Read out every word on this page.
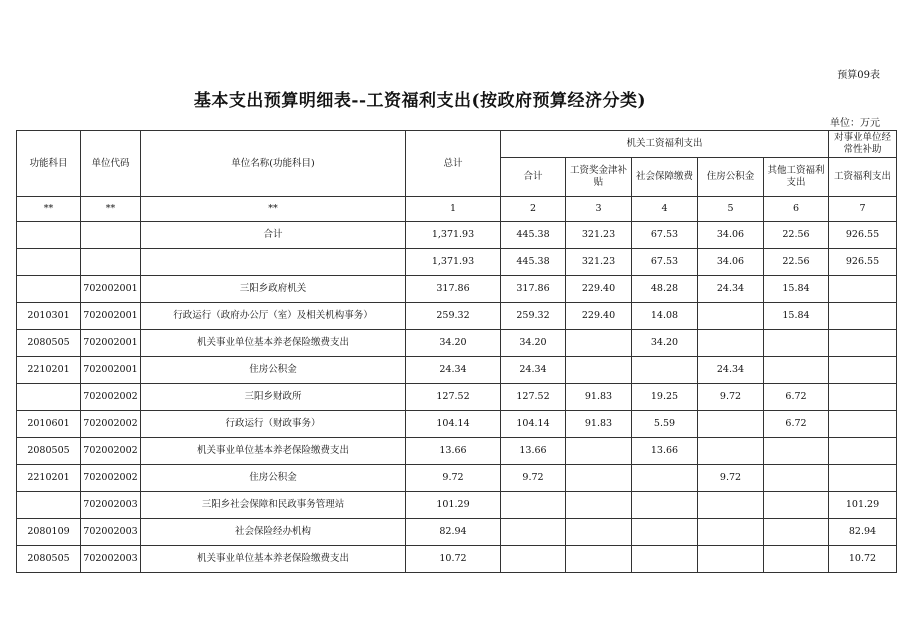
预算09表
基本支出预算明细表--工资福利支出(按政府预算经济分类)
单位：万元
功能科目	单位代码	单位名称(功能科目)	总计	机关工资福利支出					对事业单位经常性补助
				合计	工资奖金津补贴	社会保障缴费	住房公积金	其他工资福利支出	工资福利支出
**	**	**	1	2	3	4	5	6	7
		合计	1,371.93	445.38	321.23	67.53	34.06	22.56	926.55
			1,371.93	445.38	321.23	67.53	34.06	22.56	926.55
	702002001	三阳乡政府机关	317.86	317.86	229.40	48.28	24.34	15.84	
2010301	702002001	行政运行（政府办公厅（室）及相关机构事务）	259.32	259.32	229.40	14.08		15.84	
2080505	702002001	机关事业单位基本养老保险缴费支出	34.20	34.20		34.20			
2210201	702002001	住房公积金	24.34	24.34			24.34		
	702002002	三阳乡财政所	127.52	127.52	91.83	19.25	9.72	6.72	
2010601	702002002	行政运行（财政事务）	104.14	104.14	91.83	5.59		6.72	
2080505	702002002	机关事业单位基本养老保险缴费支出	13.66	13.66		13.66			
2210201	702002002	住房公积金	9.72	9.72			9.72		
	702002003	三阳乡社会保障和民政事务管理站	101.29						101.29
2080109	702002003	社会保险经办机构	82.94						82.94
2080505	702002003	机关事业单位基本养老保险缴费支出	10.72						10.72
